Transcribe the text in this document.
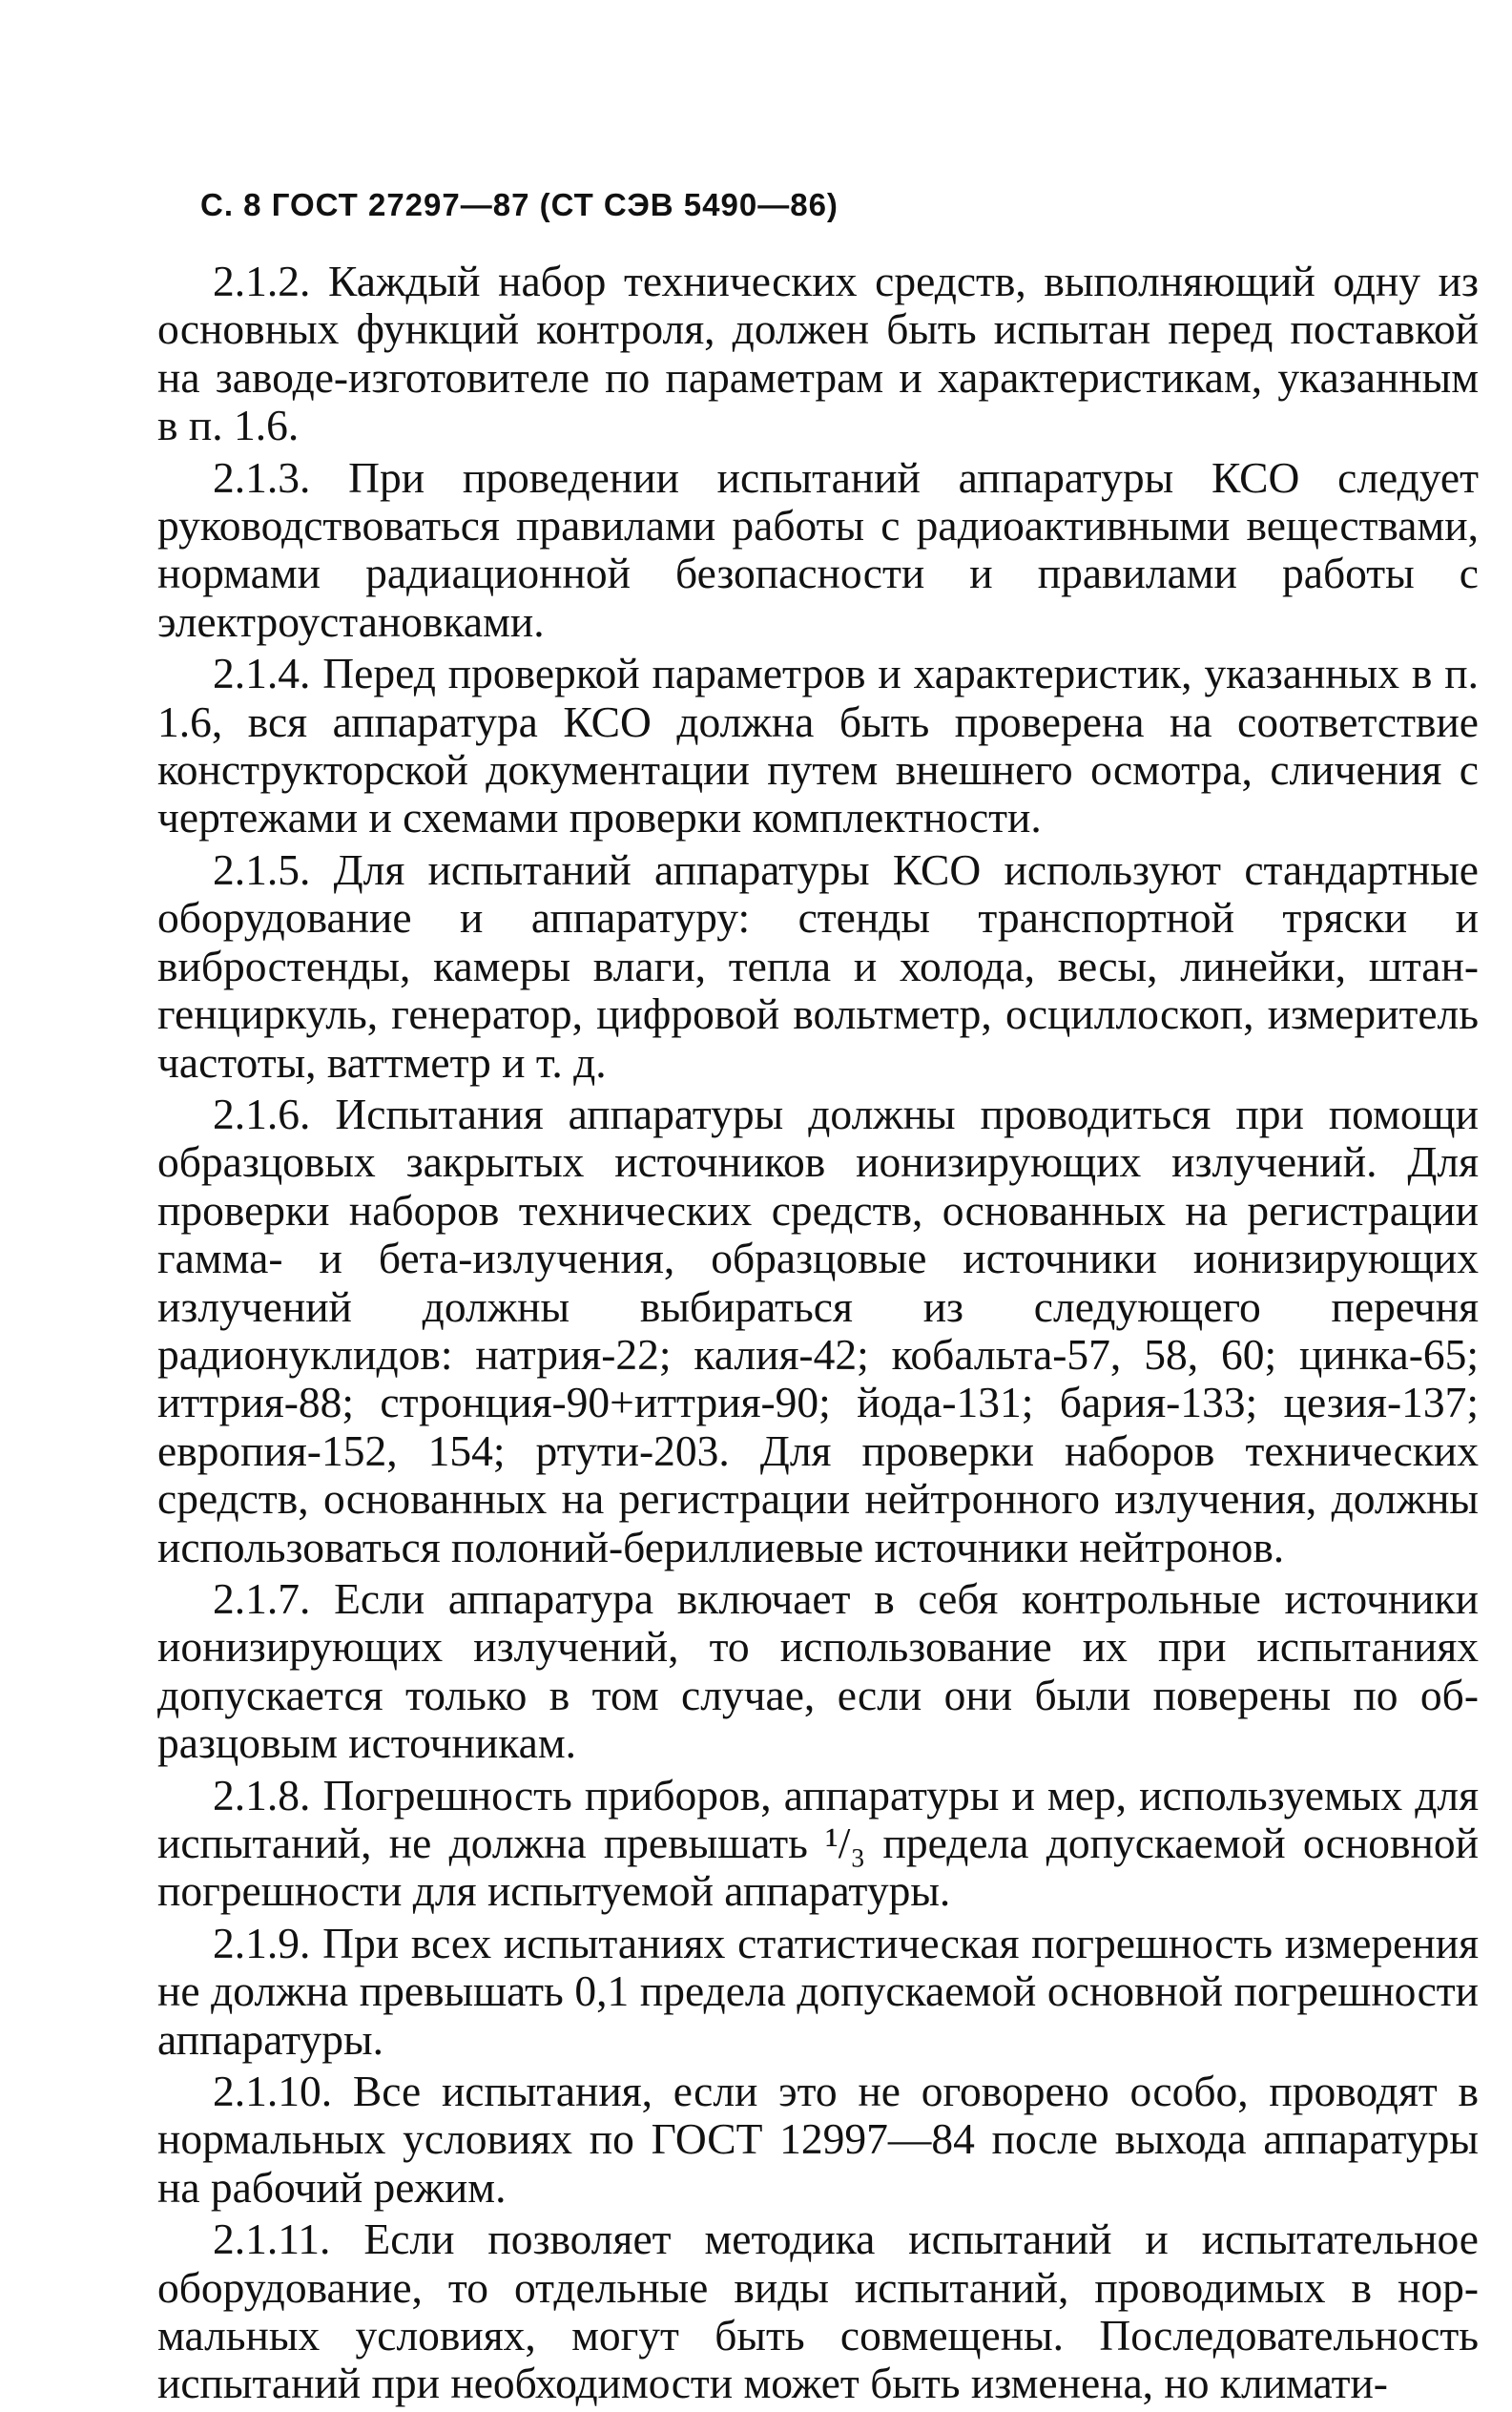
С. 8 ГОСТ 27297—87 (СТ СЭВ 5490—86)

2.1.2. Каждый набор технических средств, выполняющий одну из основных функций контроля, должен быть испытан перед поставкой на заводе-изготовителе по параметрам и характеристикам, указанным в п. 1.6.

2.1.3. При проведении испытаний аппаратуры КСО следует руководствоваться правилами работы с радиоактивными веществами, нормами радиационной безопасности и правилами работы с электроустановками.

2.1.4. Перед проверкой параметров и характеристик, указанных в п. 1.6, вся аппаратура КСО должна быть проверена на соответствие конструкторской документации путем внешнего осмотра, сличения с чертежами и схемами проверки комплектности.

2.1.5. Для испытаний аппаратуры КСО используют стандартные оборудование и аппаратуру: стенды транспортной тряски и вибростенды, камеры влаги, тепла и холода, весы, линейки, штангенциркуль, генератор, цифровой вольтметр, осциллоскоп, измеритель частоты, ваттметр и т. д.

2.1.6. Испытания аппаратуры должны проводиться при помощи образцовых закрытых источников ионизирующих излучений. Для проверки наборов технических средств, основанных на регистрации гамма- и бета-излучения, образцовые источники ионизирующих излучений должны выбираться из следующего перечня радионуклидов: натрия-22; калия-42; кобальта-57, 58, 60; цинка-65; иттрия-88; стронция-90+иттрия-90; йода-131; бария-133; цезия-137; европия-152, 154; ртути-203. Для проверки наборов технических средств, основанных на регистрации нейтронного излучения, должны использоваться полоний-бериллиевые источники нейтронов.

2.1.7. Если аппаратура включает в себя контрольные источники ионизирующих излучений, то использование их при испытаниях допускается только в том случае, если они были поверены по образцовым источникам.

2.1.8. Погрешность приборов, аппаратуры и мер, используемых для испытаний, не должна превышать ¹/₃ предела допускаемой основной погрешности для испытуемой аппаратуры.

2.1.9. При всех испытаниях статистическая погрешность измерения не должна превышать 0,1 предела допускаемой основной погрешности аппаратуры.

2.1.10. Все испытания, если это не оговорено особо, проводят в нормальных условиях по ГОСТ 12997—84 после выхода аппаратуры на рабочий режим.

2.1.11. Если позволяет методика испытаний и испытательное оборудование, то отдельные виды испытаний, проводимых в нормальных условиях, могут быть совмещены. Последовательность испытаний при необходимости может быть изменена, но климати-
